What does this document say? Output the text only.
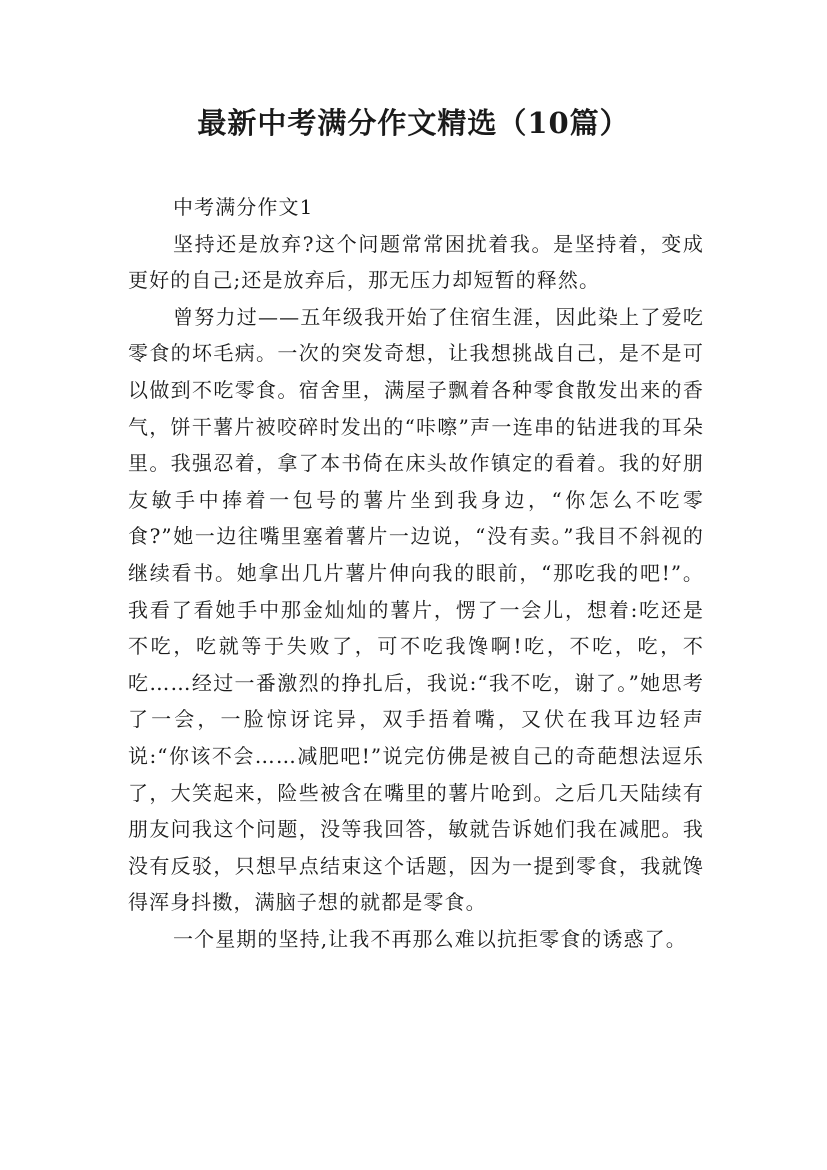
最新中考满分作文精选（10篇）

中考满分作文1

坚持还是放弃?这个问题常常困扰着我。是坚持着，变成更好的自己;还是放弃后，那无压力却短暂的释然。

曾努力过——五年级我开始了住宿生涯，因此染上了爱吃零食的坏毛病。一次的突发奇想，让我想挑战自己，是不是可以做到不吃零食。宿舍里，满屋子飘着各种零食散发出来的香气，饼干薯片被咬碎时发出的“咔嚓”声一连串的钻进我的耳朵里。我强忍着，拿了本书倚在床头故作镇定的看着。我的好朋友敏手中捧着一包号的薯片坐到我身边，“你怎么不吃零食?”她一边往嘴里塞着薯片一边说，“没有卖。”我目不斜视的继续看书。她拿出几片薯片伸向我的眼前，“那吃我的吧!”。我看了看她手中那金灿灿的薯片，愣了一会儿，想着:吃还是不吃，吃就等于失败了，可不吃我馋啊!吃，不吃，吃，不吃……经过一番激烈的挣扎后，我说:“我不吃，谢了。”她思考了一会，一脸惊讶诧异，双手捂着嘴，又伏在我耳边轻声说:“你该不会……减肥吧!”说完仿佛是被自己的奇葩想法逗乐了，大笑起来，险些被含在嘴里的薯片呛到。之后几天陆续有朋友问我这个问题，没等我回答，敏就告诉她们我在减肥。我没有反驳，只想早点结束这个话题，因为一提到零食，我就馋得浑身抖擞，满脑子想的就都是零食。

一个星期的坚持,让我不再那么难以抗拒零食的诱惑了。
